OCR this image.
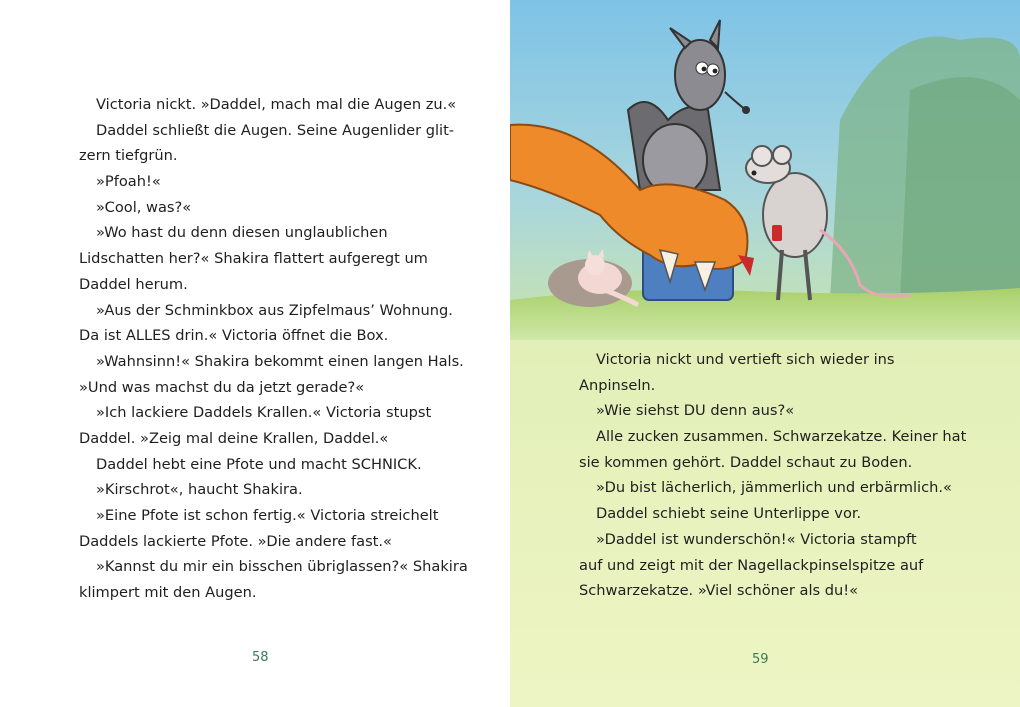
Victoria nickt. »Daddel, mach mal die Augen zu.«
Daddel schließt die Augen. Seine Augenlider glit-
zern tiefgrün.
»Pfoah!«
»Cool, was?«
»Wo hast du denn diesen unglaublichen
Lidschatten her?« Shakira flattert aufgeregt um
Daddel herum.
»Aus der Schminkbox aus Zipfelmaus’ Wohnung.
Da ist ALLES drin.« Victoria öffnet die Box.
»Wahnsinn!« Shakira bekommt einen langen Hals.
»Und was machst du da jetzt gerade?«
»Ich lackiere Daddels Krallen.« Victoria stupst
Daddel. »Zeig mal deine Krallen, Daddel.«
Daddel hebt eine Pfote und macht SCHNICK.
»Kirschrot«, haucht Shakira.
»Eine Pfote ist schon fertig.« Victoria streichelt
Daddels lackierte Pfote. »Die andere fast.«
»Kannst du mir ein bisschen übriglassen?« Shakira
klimpert mit den Augen.
58
Victoria nickt und vertieft sich wieder ins
Anpinseln.
»Wie siehst DU denn aus?«
Alle zucken zusammen. Schwarzekatze. Keiner hat
sie kommen gehört. Daddel schaut zu Boden.
»Du bist lächerlich, jämmerlich und erbärmlich.«
Daddel schiebt seine Unterlippe vor.
»Daddel ist wunderschön!« Victoria stampft
auf und zeigt mit der Nagellackpinselspitze auf
Schwarzekatze. »Viel schöner als du!«
59
